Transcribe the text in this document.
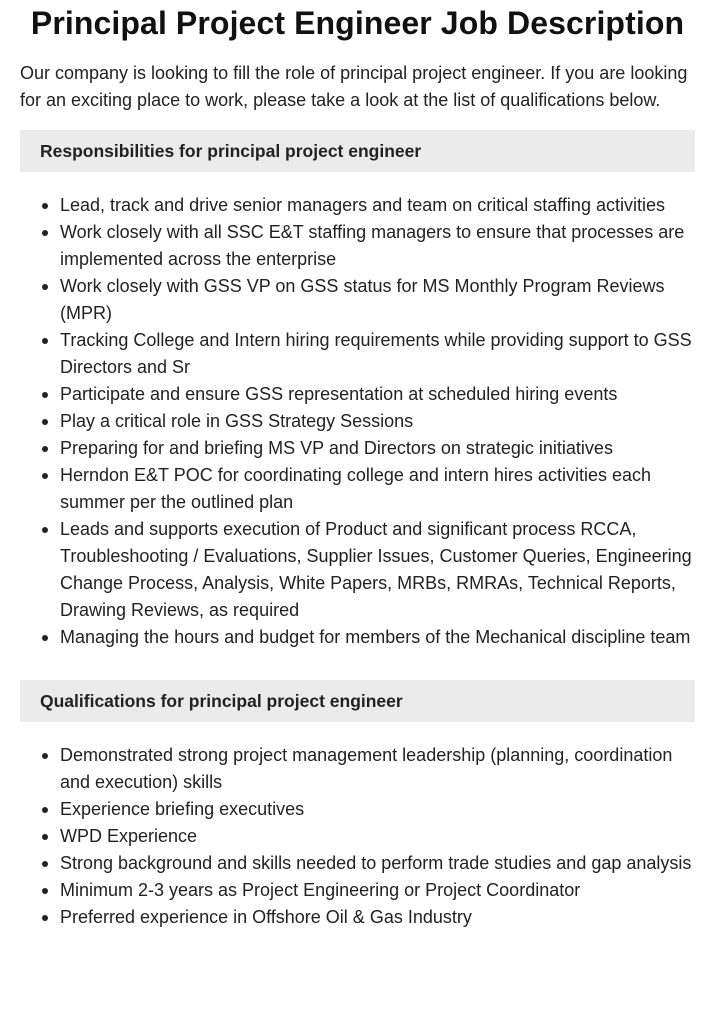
Principal Project Engineer Job Description

Our company is looking to fill the role of principal project engineer. If you are looking for an exciting place to work, please take a look at the list of qualifications below.

Responsibilities for principal project engineer
Lead, track and drive senior managers and team on critical staffing activities
Work closely with all SSC E&T staffing managers to ensure that processes are implemented across the enterprise
Work closely with GSS VP on GSS status for MS Monthly Program Reviews (MPR)
Tracking College and Intern hiring requirements while providing support to GSS Directors and Sr
Participate and ensure GSS representation at scheduled hiring events
Play a critical role in GSS Strategy Sessions
Preparing for and briefing MS VP and Directors on strategic initiatives
Herndon E&T POC for coordinating college and intern hires activities each summer per the outlined plan
Leads and supports execution of Product and significant process RCCA, Troubleshooting / Evaluations, Supplier Issues, Customer Queries, Engineering Change Process, Analysis, White Papers, MRBs, RMRAs, Technical Reports, Drawing Reviews, as required
Managing the hours and budget for members of the Mechanical discipline team
Qualifications for principal project engineer
Demonstrated strong project management leadership (planning, coordination and execution) skills
Experience briefing executives
WPD Experience
Strong background and skills needed to perform trade studies and gap analysis
Minimum 2-3 years as Project Engineering or Project Coordinator
Preferred experience in Offshore Oil & Gas Industry
